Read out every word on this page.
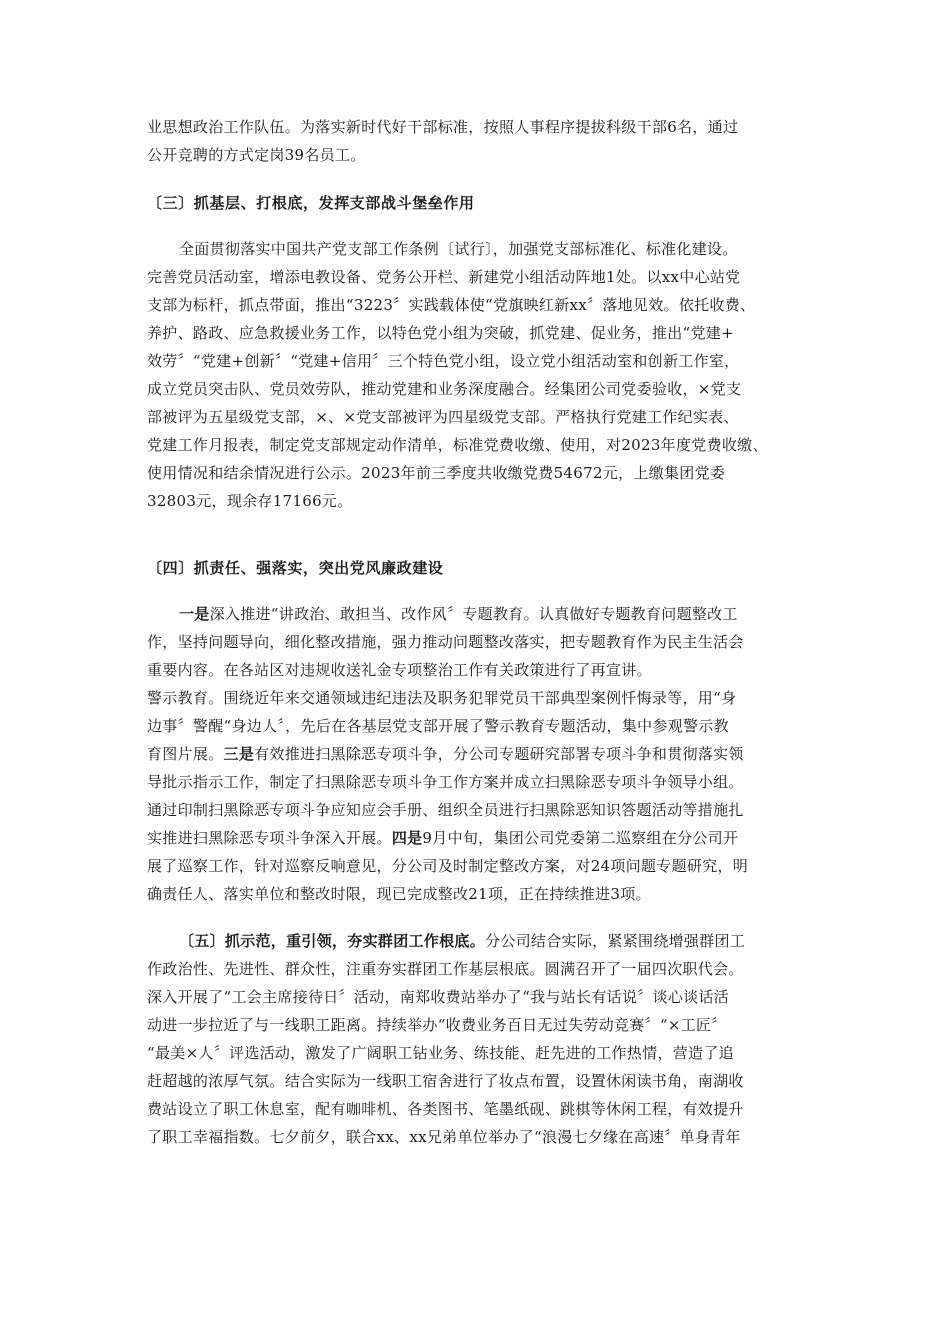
业思想政治工作队伍。为落实新时代好干部标准，按照人事程序提拔科级干部6名，通过
公开竞聘的方式定岗39名员工。
〔三〕抓基层、打根底，发挥支部战斗堡垒作用
全面贯彻落实中国共产党支部工作条例〔试行〕，加强党支部标准化、标准化建设。
完善党员活动室，增添电教设备、党务公开栏、新建党小组活动阵地1处。以xx中心站党
支部为标杆，抓点带面，推出“3223〞实践载体使“党旗映红新xx〞落地见效。依托收费、
养护、路政、应急救援业务工作，以特色党小组为突破，抓党建、促业务，推出“党建+
效劳〞“党建+创新〞“党建+信用〞三个特色党小组，设立党小组活动室和创新工作室，
成立党员突击队、党员效劳队，推动党建和业务深度融合。经集团公司党委验收，×党支
部被评为五星级党支部，×、×党支部被评为四星级党支部。严格执行党建工作纪实表、
党建工作月报表，制定党支部规定动作清单，标准党费收缴、使用，对2023年度党费收缴、
使用情况和结余情况进行公示。2023年前三季度共收缴党费54672元，上缴集团党委
32803元，现余存17166元。
〔四〕抓责任、强落实，突出党风廉政建设
一是深入推进“讲政治、敢担当、改作风〞专题教育。认真做好专题教育问题整改工
作，坚持问题导向，细化整改措施，强力推动问题整改落实，把专题教育作为民主生活会
重要内容。在各站区对违规收送礼金专项整治工作有关政策进行了再宣讲。
警示教育。围绕近年来交通领域违纪违法及职务犯罪党员干部典型案例忏悔录等，用“身
边事〞警醒“身边人〞，先后在各基层党支部开展了警示教育专题活动，集中参观警示教
育图片展。三是有效推进扫黑除恶专项斗争，分公司专题研究部署专项斗争和贯彻落实领
导批示指示工作，制定了扫黑除恶专项斗争工作方案并成立扫黑除恶专项斗争领导小组。
通过印制扫黑除恶专项斗争应知应会手册、组织全员进行扫黑除恶知识答题活动等措施扎
实推进扫黑除恶专项斗争深入开展。四是9月中旬，集团公司党委第二巡察组在分公司开
展了巡察工作，针对巡察反响意见，分公司及时制定整改方案，对24项问题专题研究，明
确责任人、落实单位和整改时限，现已完成整改21项，正在持续推进3项。
〔五〕抓示范，重引领，夯实群团工作根底。分公司结合实际，紧紧围绕增强群团工
作政治性、先进性、群众性，注重夯实群团工作基层根底。圆满召开了一届四次职代会。
深入开展了“工会主席接待日〞活动，南郑收费站举办了“我与站长有话说〞谈心谈话活
动进一步拉近了与一线职工距离。持续举办“收费业务百日无过失劳动竞赛〞“×工匠〞
“最美×人〞评选活动，激发了广阔职工钻业务、练技能、赶先进的工作热情，营造了追
赶超越的浓厚气氛。结合实际为一线职工宿舍进行了妆点布置，设置休闲读书角，南湖收
费站设立了职工休息室，配有咖啡机、各类图书、笔墨纸砚、跳棋等休闲工程，有效提升
了职工幸福指数。七夕前夕，联合xx、xx兄弟单位举办了“浪漫七夕缘在高速〞单身青年
